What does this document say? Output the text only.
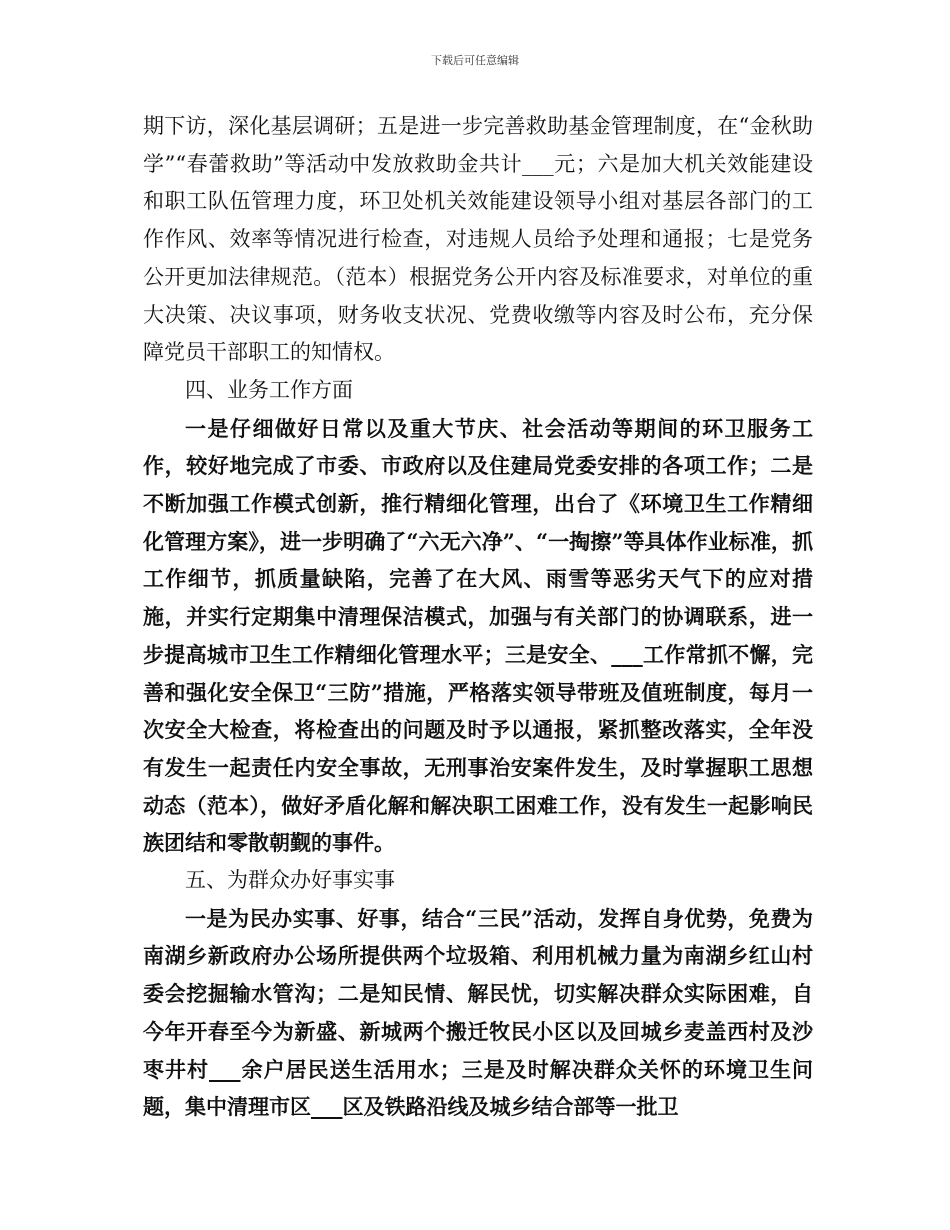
下载后可任意编辑

期下访，深化基层调研；五是进一步完善救助基金管理制度，在“金秋助学”“春蕾救助”等活动中发放救助金共计___元；六是加大机关效能建设和职工队伍管理力度，环卫处机关效能建设领导小组对基层各部门的工作作风、效率等情况进行检查，对违规人员给予处理和通报；七是党务公开更加法律规范。（范本）根据党务公开内容及标准要求，对单位的重大决策、决议事项，财务收支状况、党费收缴等内容及时公布，充分保障党员干部职工的知情权。

四、业务工作方面

一是仔细做好日常以及重大节庆、社会活动等期间的环卫服务工作，较好地完成了市委、市政府以及住建局党委安排的各项工作；二是不断加强工作模式创新，推行精细化管理，出台了《环境卫生工作精细化管理方案》，进一步明确了“六无六净”、“一掏擦”等具体作业标准，抓工作细节，抓质量缺陷，完善了在大风、雨雪等恶劣天气下的应对措施，并实行定期集中清理保洁模式，加强与有关部门的协调联系，进一步提高城市卫生工作精细化管理水平；三是安全、___工作常抓不懈，完善和强化安全保卫“三防”措施，严格落实领导带班及值班制度，每月一次安全大检查，将检查出的问题及时予以通报，紧抓整改落实，全年没有发生一起责任内安全事故，无刑事治安案件发生，及时掌握职工思想动态（范本），做好矛盾化解和解决职工困难工作，没有发生一起影响民族团结和零散朝觐的事件。

五、为群众办好事实事

一是为民办实事、好事，结合“三民”活动，发挥自身优势，免费为南湖乡新政府办公场所提供两个垃圾箱、利用机械力量为南湖乡红山村委会挖掘输水管沟；二是知民情、解民忧，切实解决群众实际困难，自今年开春至今为新盛、新城两个搬迁牧民小区以及回城乡麦盖西村及沙枣井村___余户居民送生活用水；三是及时解决群众关怀的环境卫生问题，集中清理市区___区及铁路沿线及城乡结合部等一批卫
